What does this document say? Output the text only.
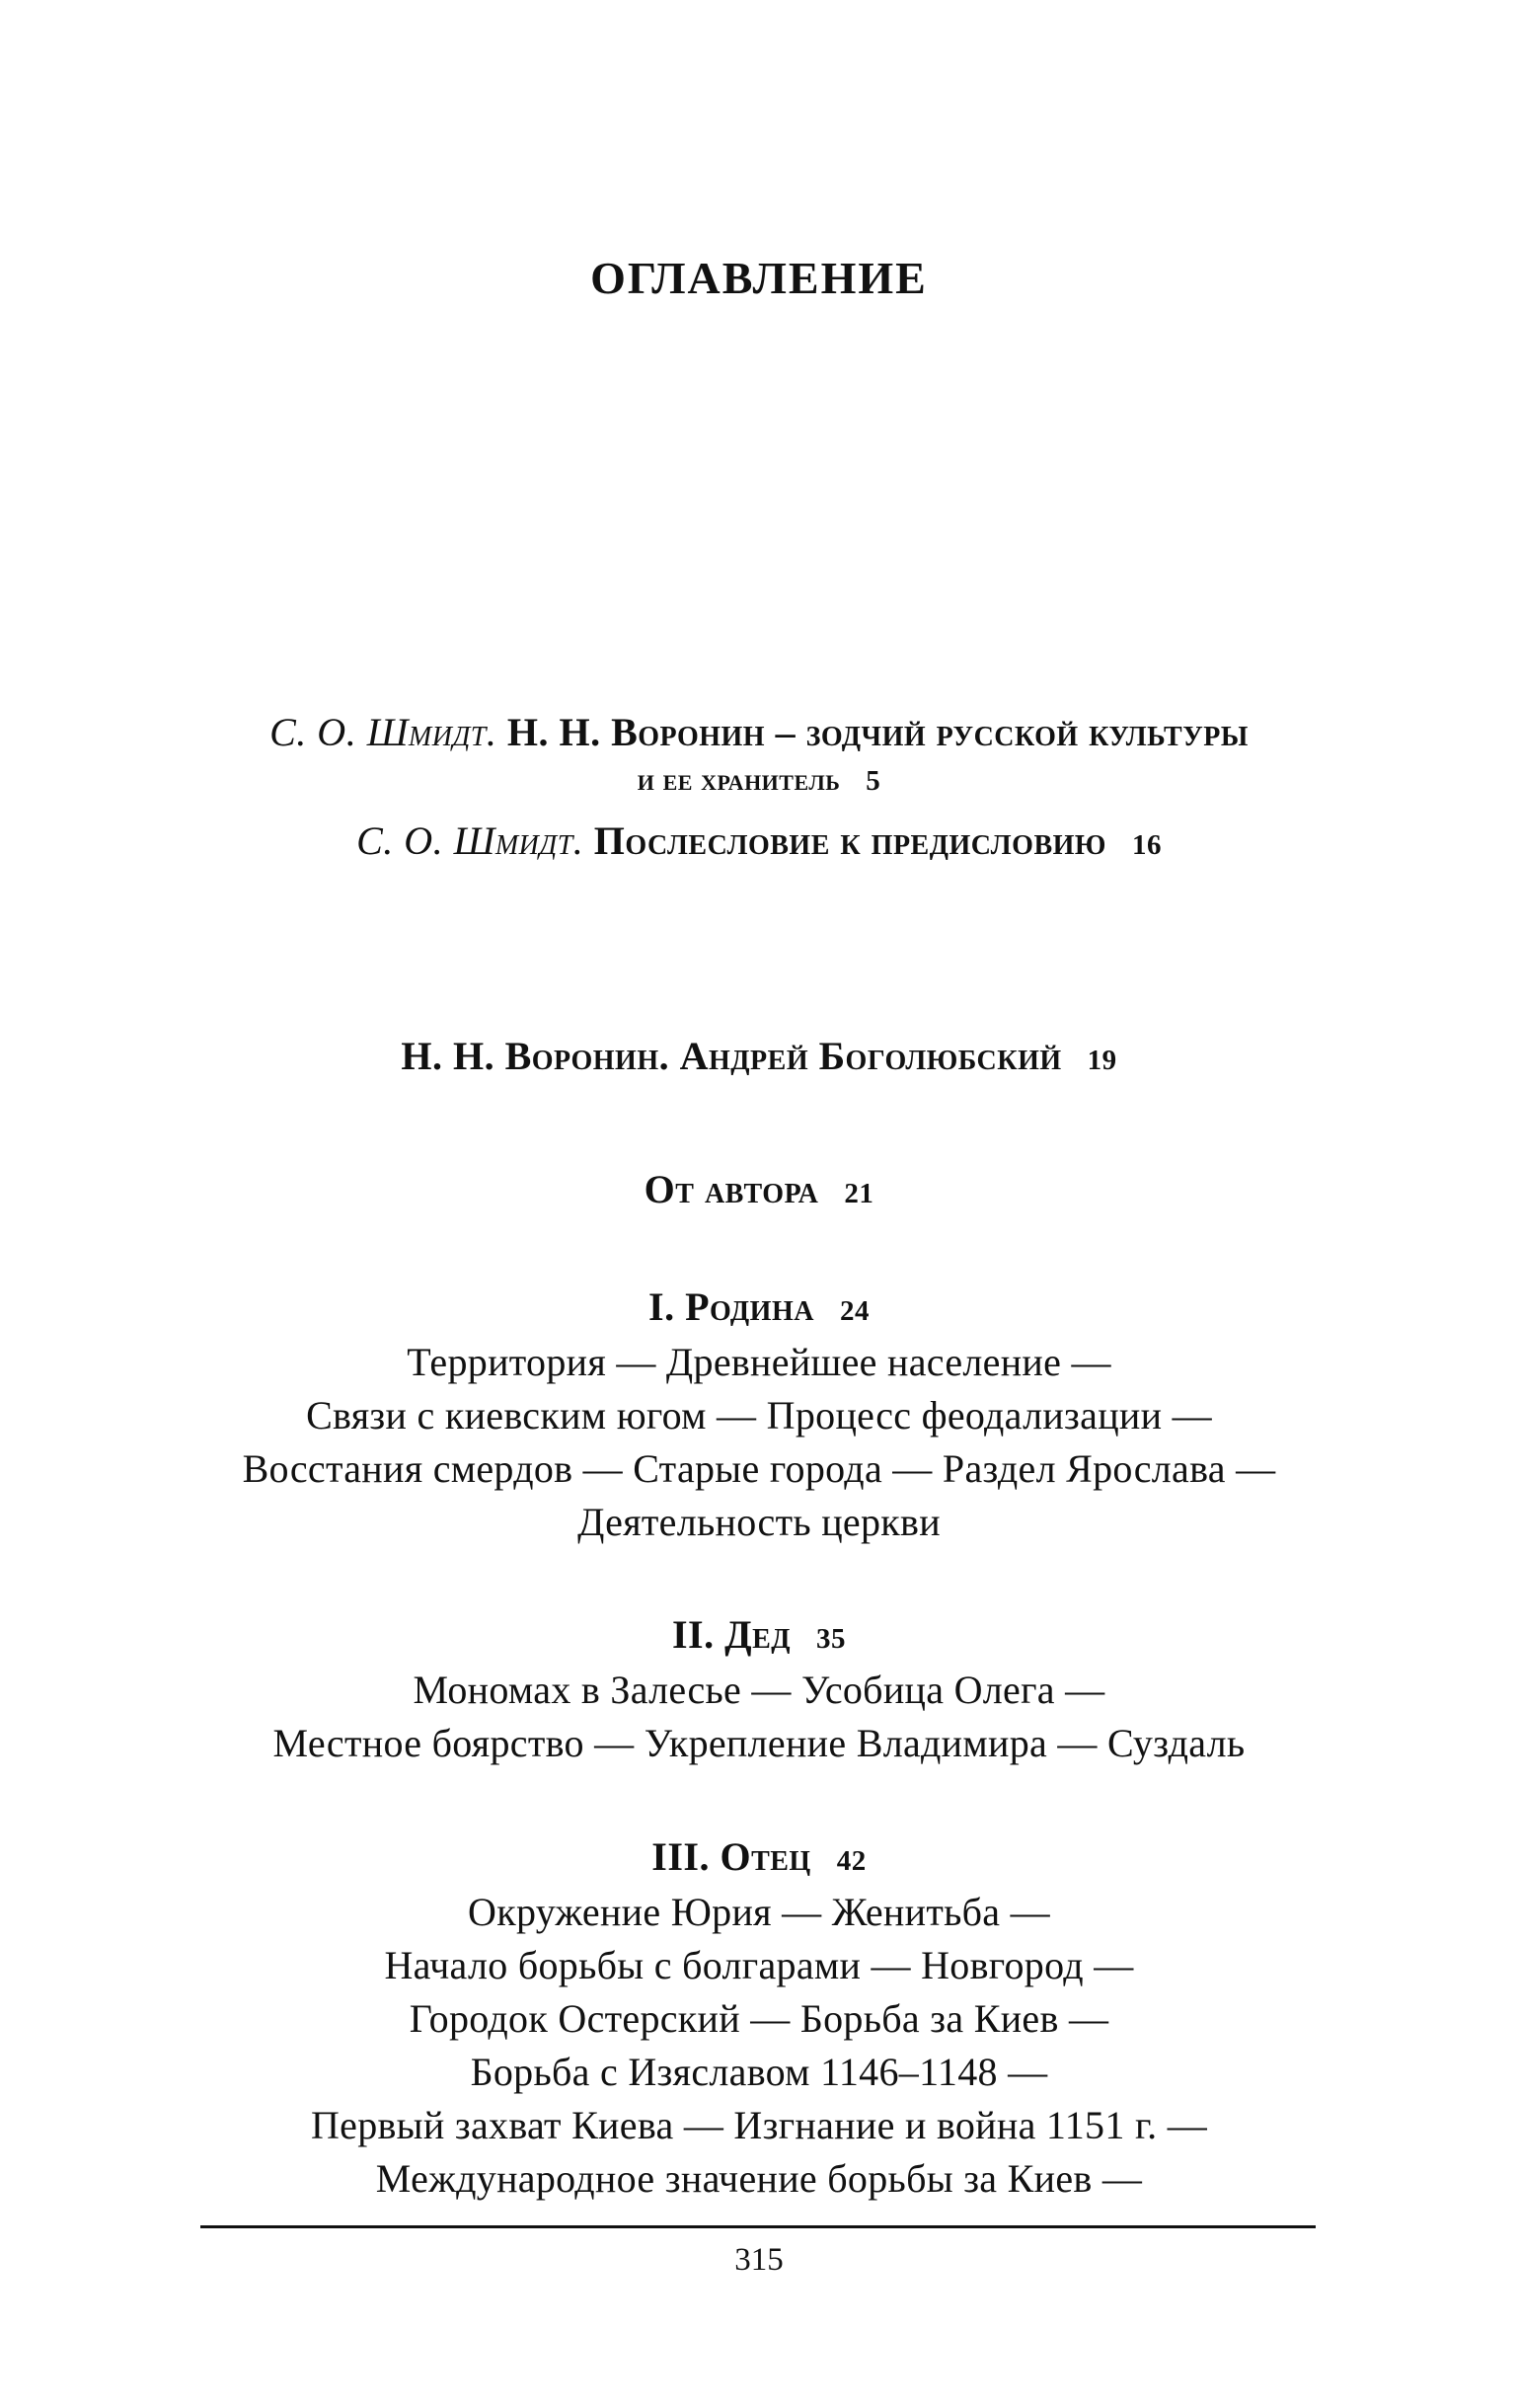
ОГЛАВЛЕНИЕ
С. О. Шмидт. Н. Н. Воронин – зодчий русской культуры
и ее хранитель 5
С. О. Шмидт. Послесловие к предисловию 16
Н. Н. Воронин. Андрей Боголюбский 19
От автора 21
I. Родина 24
Территория — Древнейшее население —
Связи с киевским югом — Процесс феодализации —
Восстания смердов — Старые города — Раздел Ярослава —
Деятельность церкви
II. Дед 35
Мономах в Залесье — Усобица Олега —
Местное боярство — Укрепление Владимира — Суздаль
III. Отец 42
Окружение Юрия — Женитьба —
Начало борьбы с болгарами — Новгород —
Городок Остерский — Борьба за Киев —
Борьба с Изяславом 1146–1148 —
Первый захват Киева — Изгнание и война 1151 г. —
Международное значение борьбы за Киев —
315
